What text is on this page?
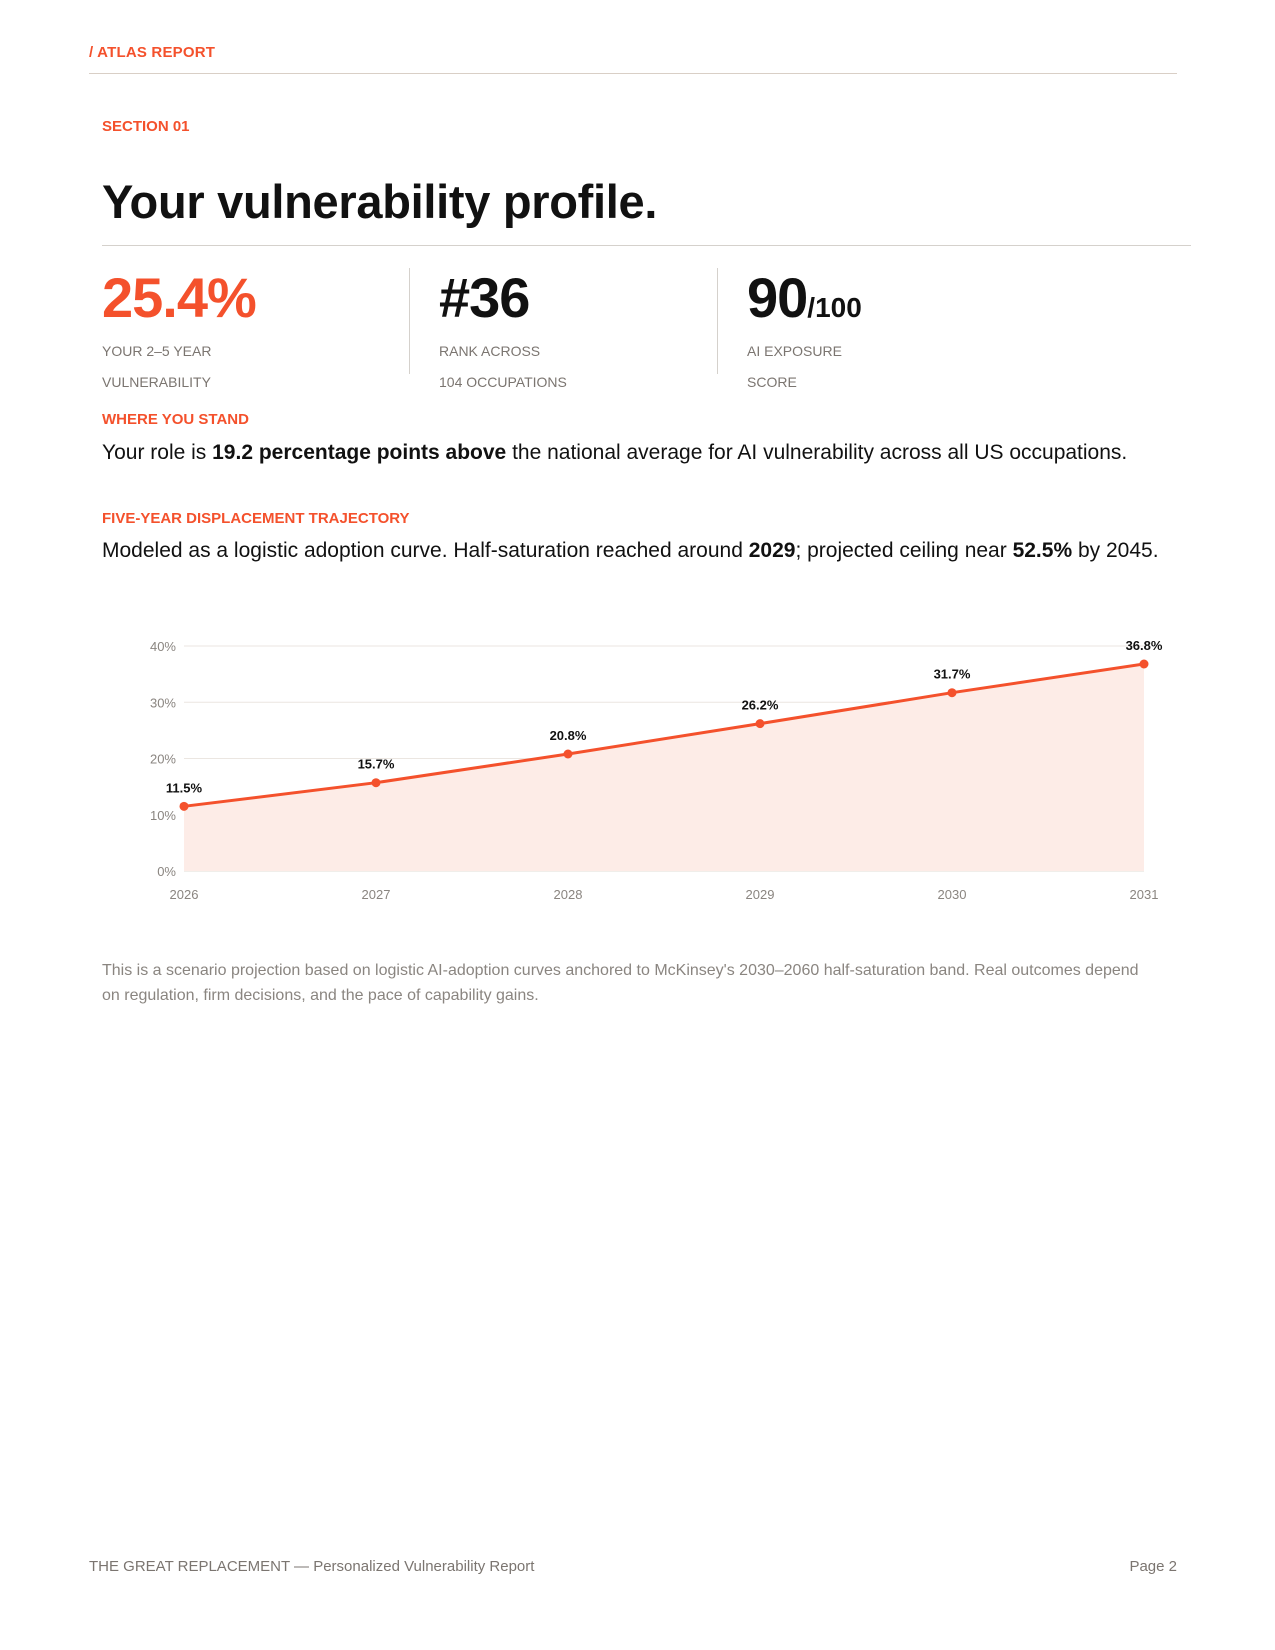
/ ATLAS REPORT
SECTION 01
Your vulnerability profile.
25.4%
YOUR 2–5 YEAR
VULNERABILITY
#36
RANK ACROSS
104 OCCUPATIONS
90/100
AI EXPOSURE
SCORE
WHERE YOU STAND
Your role is 19.2 percentage points above the national average for AI vulnerability across all US occupations.
FIVE-YEAR DISPLACEMENT TRAJECTORY
Modeled as a logistic adoption curve. Half-saturation reached around 2029; projected ceiling near 52.5% by 2045.
0%
10%
20%
30%
40%
11.5%
2026
15.7%
2027
20.8%
2028
26.2%
2029
31.7%
2030
36.8%
2031
This is a scenario projection based on logistic AI-adoption curves anchored to McKinsey's 2030–2060 half-saturation band. Real outcomes depend on regulation, firm decisions, and the pace of capability gains.
THE GREAT REPLACEMENT — Personalized Vulnerability Report	Page 2
